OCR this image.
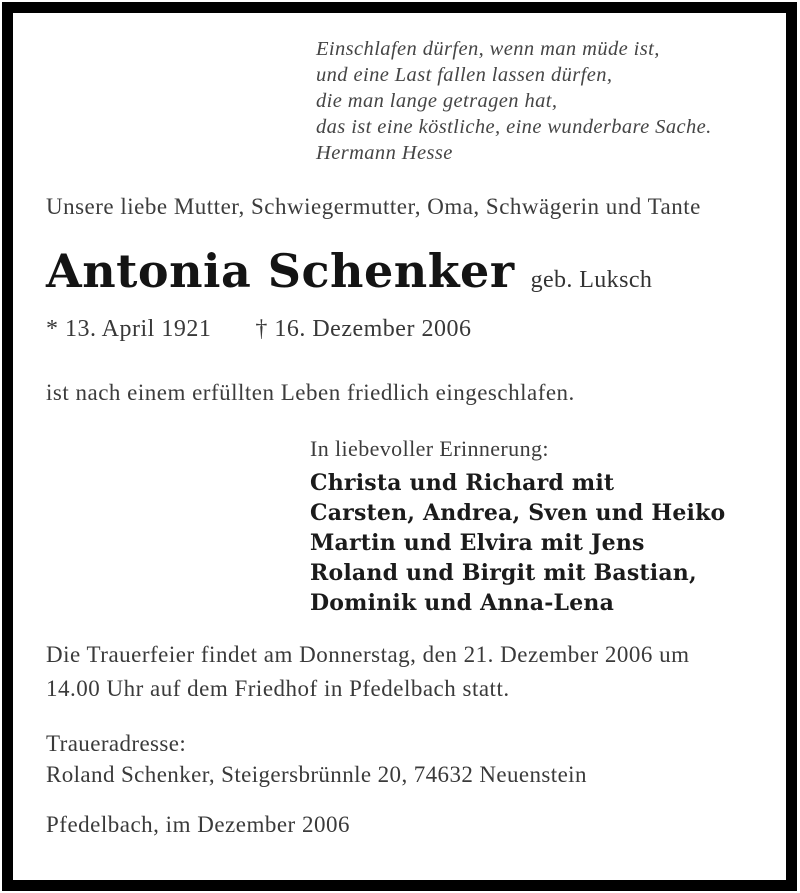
Einschlafen dürfen, wenn man müde ist,
und eine Last fallen lassen dürfen,
die man lange getragen hat,
das ist eine köstliche, eine wunderbare Sache.
Hermann Hesse
Unsere liebe Mutter, Schwiegermutter, Oma, Schwägerin und Tante
Antonia Schenker geb. Luksch
* 13. April 1921 † 16. Dezember 2006
ist nach einem erfüllten Leben friedlich eingeschlafen.
In liebevoller Erinnerung:
Christa und Richard mit
Carsten, Andrea, Sven und Heiko
Martin und Elvira mit Jens
Roland und Birgit mit Bastian,
Dominik und Anna-Lena
Die Trauerfeier findet am Donnerstag, den 21. Dezember 2006 um
14.00 Uhr auf dem Friedhof in Pfedelbach statt.
Traueradresse:
Roland Schenker, Steigersbrünnle 20, 74632 Neuenstein
Pfedelbach, im Dezember 2006
